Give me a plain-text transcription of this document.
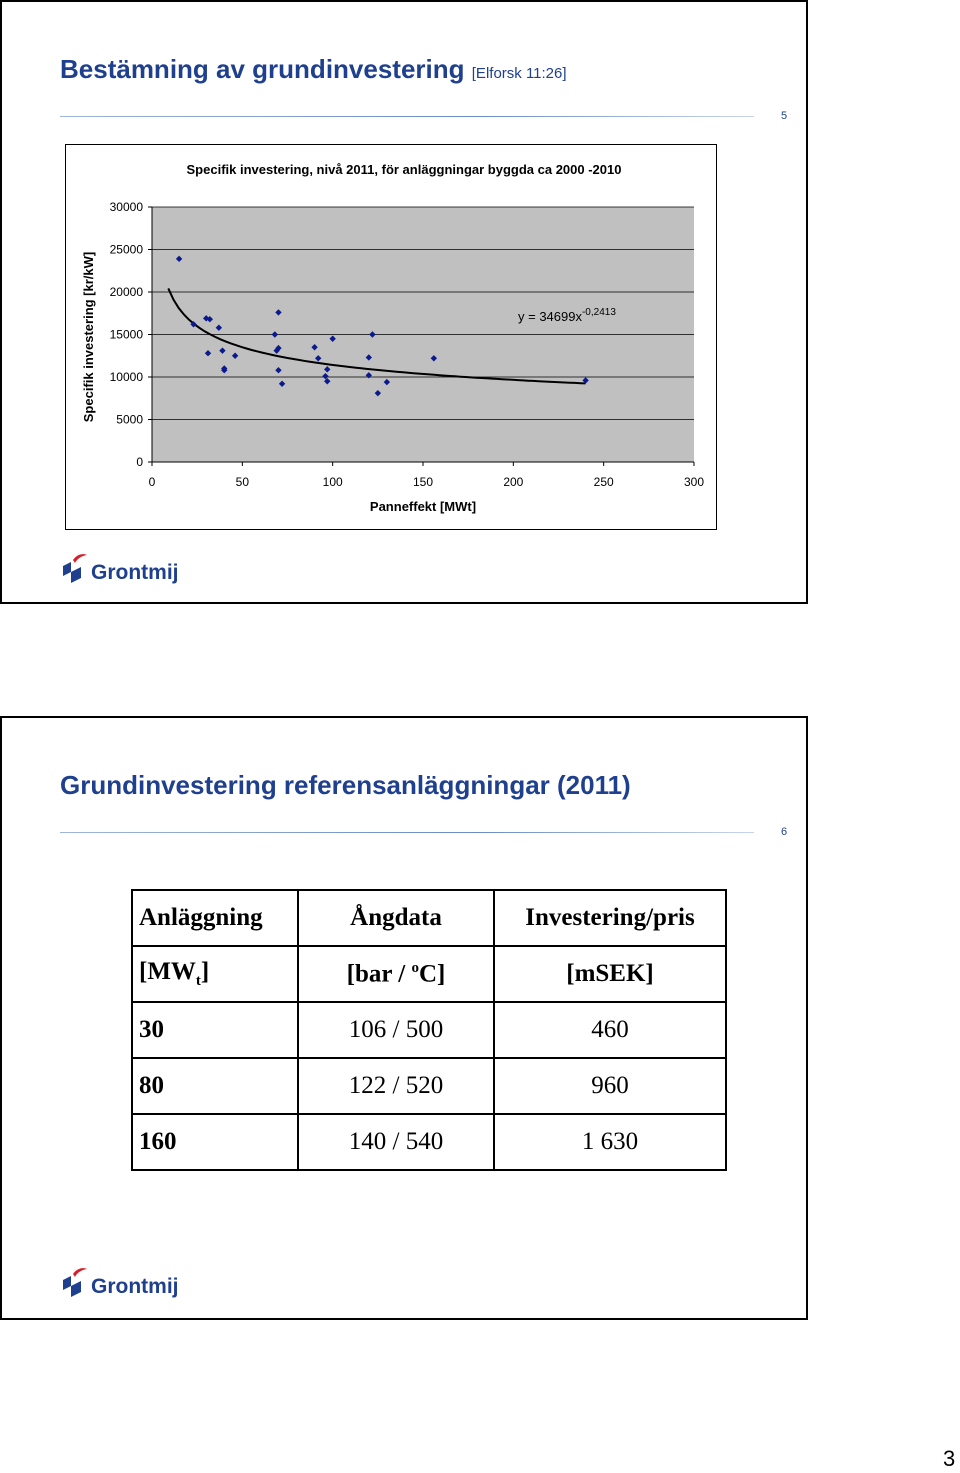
Bestämning av grundinvestering [Elforsk 11:26]
5
Specifik investering, nivå 2011, för anläggningar byggda ca 2000 -2010
0
5000
10000
15000
20000
25000
30000
0	50	100	150	200	250	300
Panneffekt [MWt]
Specifik investering [kr/kW]	$y = 34699x^{-0,2413}$
Grontmij
Grundinvestering referensanläggningar (2011)
6
Anläggning	Ångdata	Investering/pris
$[MW_t]$	[bar / $^o$C]	[mSEK]
30	106 / 500	460
80	122 / 520	960
160	140 / 540	1 630
Grontmij
3
